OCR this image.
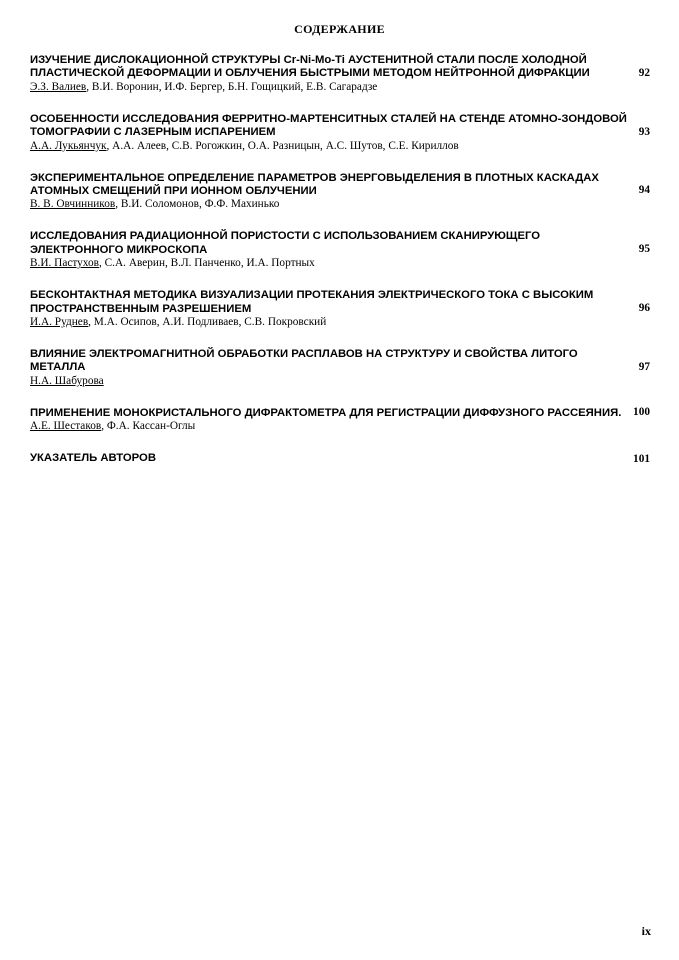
СОДЕРЖАНИЕ
ИЗУЧЕНИЕ ДИСЛОКАЦИОННОЙ СТРУКТУРЫ Cr-Ni-Mo-Ti АУСТЕНИТНОЙ СТАЛИ ПОСЛЕ ХОЛОДНОЙ ПЛАСТИЧЕСКОЙ ДЕФОРМАЦИИ И ОБЛУЧЕНИЯ БЫСТРЫМИ МЕТОДОМ НЕЙТРОННОЙ ДИФРАКЦИИ
Э.З. Валиев, В.И. Воронин, И.Ф. Бергер, Б.Н. Гощицкий, Е.В. Сагарадзе
92
ОСОБЕННОСТИ ИССЛЕДОВАНИЯ ФЕРРИТНО-МАРТЕНСИТНЫХ СТАЛЕЙ НА СТЕНДЕ АТОМНО-ЗОНДОВОЙ ТОМОГРАФИИ С ЛАЗЕРНЫМ ИСПАРЕНИЕМ
А.А. Лукьянчук, А.А. Алеев, С.В. Рогожкин, О.А. Разницын, А.С. Шутов, С.Е. Кириллов
93
ЭКСПЕРИМЕНТАЛЬНОЕ ОПРЕДЕЛЕНИЕ ПАРАМЕТРОВ ЭНЕРГОВЫДЕЛЕНИЯ В ПЛОТНЫХ КАСКАДАХ АТОМНЫХ СМЕЩЕНИЙ ПРИ ИОННОМ ОБЛУЧЕНИИ
В. В. Овчинников, В.И. Соломонов, Ф.Ф. Махинько
94
ИССЛЕДОВАНИЯ РАДИАЦИОННОЙ ПОРИСТОСТИ С ИСПОЛЬЗОВАНИЕМ СКАНИРУЮЩЕГО ЭЛЕКТРОННОГО МИКРОСКОПА
В.И. Пастухов, С.А. Аверин, В.Л. Панченко, И.А. Портных
95
БЕСКОНТАКТНАЯ МЕТОДИКА ВИЗУАЛИЗАЦИИ ПРОТЕКАНИЯ ЭЛЕКТРИЧЕСКОГО ТОКА С ВЫСОКИМ ПРОСТРАНСТВЕННЫМ РАЗРЕШЕНИЕМ
И.А. Руднев, М.А. Осипов, А.И. Подливаев, С.В. Покровский
96
ВЛИЯНИЕ ЭЛЕКТРОМАГНИТНОЙ ОБРАБОТКИ РАСПЛАВОВ НА СТРУКТУРУ И СВОЙСТВА ЛИТОГО МЕТАЛЛА
Н.А. Шабурова
97
ПРИМЕНЕНИЕ МОНОКРИСТАЛЬНОГО ДИФРАКТОМЕТРА ДЛЯ РЕГИСТРАЦИИ ДИФФУЗНОГО РАССЕЯНИЯ.
А.Е. Шестаков, Ф.А. Кассан-Оглы
100
УКАЗАТЕЛЬ АВТОРОВ	101
ix
